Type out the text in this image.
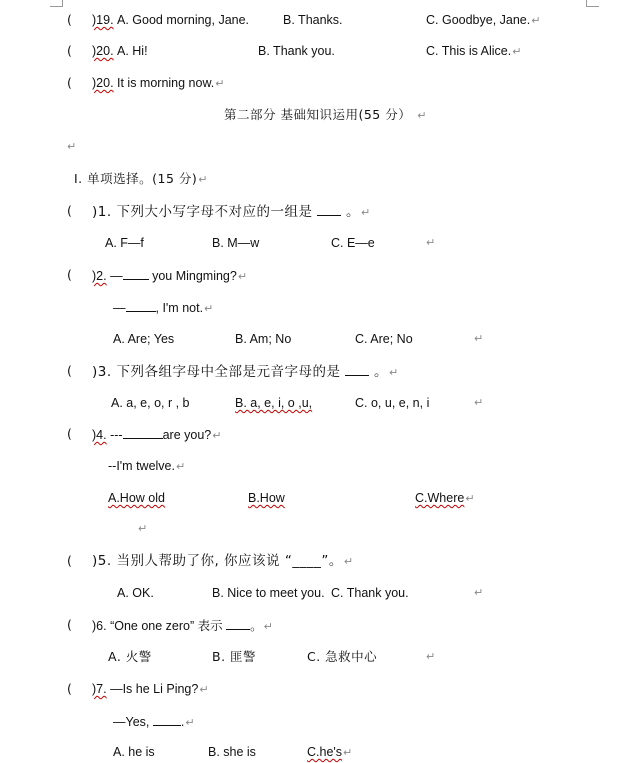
( )19. A. Good morning, Jane.	B. Thanks.	C. Goodbye, Jane.↵
( )20. A. Hi!	B. Thank you.	C. This is Alice.↵
( )20. It is morning now.↵
第二部分 基础知识运用(55 分） ↵
↵
Ⅰ. 单项选择。(15 分)↵
( )1. 下列大小写字母不对应的一组是 。↵
A. F—f	B. M—w	C. E—e	↵
( )2. — you Mingming?↵
— , I'm not.↵
A. Are; Yes	B. Am; No	C. Are; No	↵
( )3. 下列各组字母中全部是元音字母的是 。↵
A. a, e, o, r , b	B. a, e, i, o ,u,	C. o, u, e, n, i	↵
( )4. ---	are you?↵
--I'm twelve.↵
A.How old	B.How	C.Where↵
↵
( )5. 当别人帮助了你, 你应该说 “____”。↵
A. OK.	B. Nice to meet you. C. Thank you.	↵
( )6. “One one zero” 表示 。↵
A. 火警	B. 匪警	C. 急救中心	↵
( )7. —Is he Li Ping?↵
—Yes,	.↵
A. he is	B. she is	C.he's↵
